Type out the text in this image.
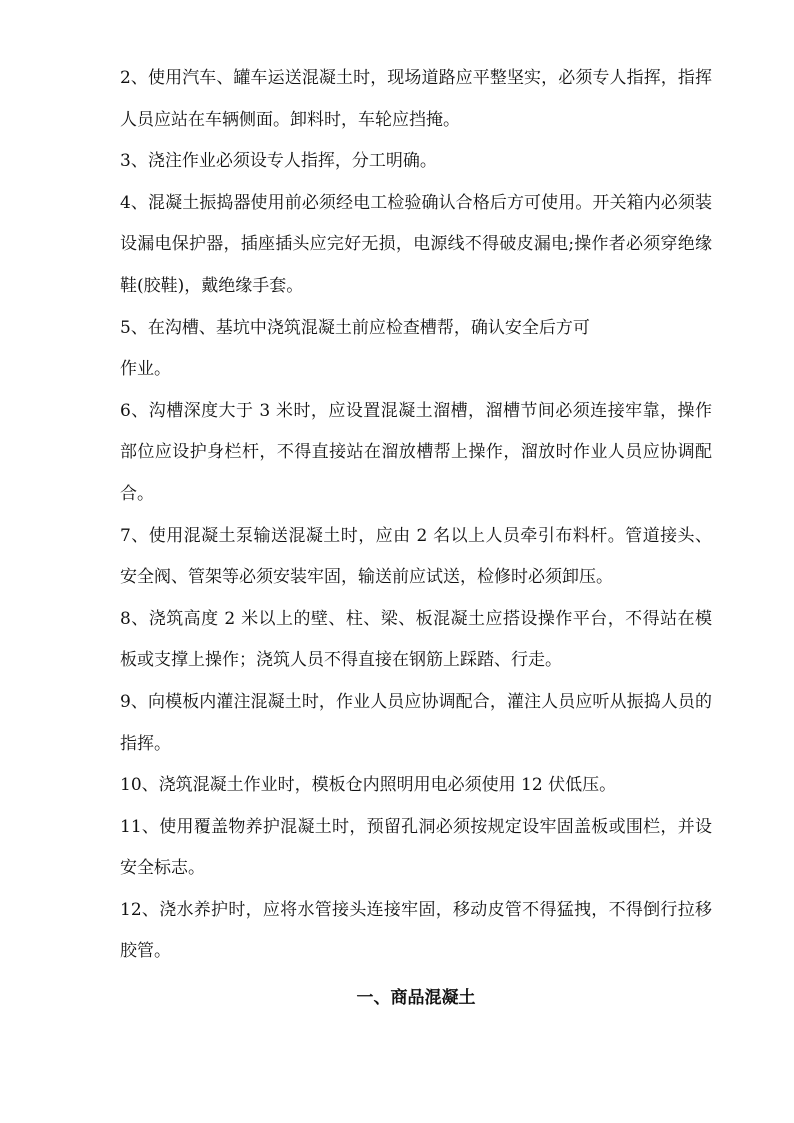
2、使用汽车、罐车运送混凝土时，现场道路应平整坚实，必须专人指挥，指挥人员应站在车辆侧面。卸料时，车轮应挡掩。

3、浇注作业必须设专人指挥，分工明确。

4、混凝土振捣器使用前必须经电工检验确认合格后方可使用。开关箱内必须装设漏电保护器，插座插头应完好无损，电源线不得破皮漏电;操作者必须穿绝缘鞋(胶鞋)，戴绝缘手套。

5、在沟槽、基坑中浇筑混凝土前应检查槽帮，确认安全后方可

作业。

6、沟槽深度大于 3 米时，应设置混凝土溜槽，溜槽节间必须连接牢靠，操作部位应设护身栏杆，不得直接站在溜放槽帮上操作，溜放时作业人员应协调配合。

7、使用混凝土泵输送混凝土时，应由 2 名以上人员牵引布料杆。管道接头、安全阀、管架等必须安装牢固，输送前应试送，检修时必须卸压。

8、浇筑高度 2 米以上的壁、柱、梁、板混凝土应搭设操作平台，不得站在模板或支撑上操作；浇筑人员不得直接在钢筋上踩踏、行走。

9、向模板内灌注混凝土时，作业人员应协调配合，灌注人员应听从振捣人员的指挥。

10、浇筑混凝土作业时，模板仓内照明用电必须使用 12 伏低压。

11、使用覆盖物养护混凝土时，预留孔洞必须按规定设牢固盖板或围栏，并设安全标志。

12、浇水养护时，应将水管接头连接牢固，移动皮管不得猛拽，不得倒行拉移胶管。

一、商品混凝土
